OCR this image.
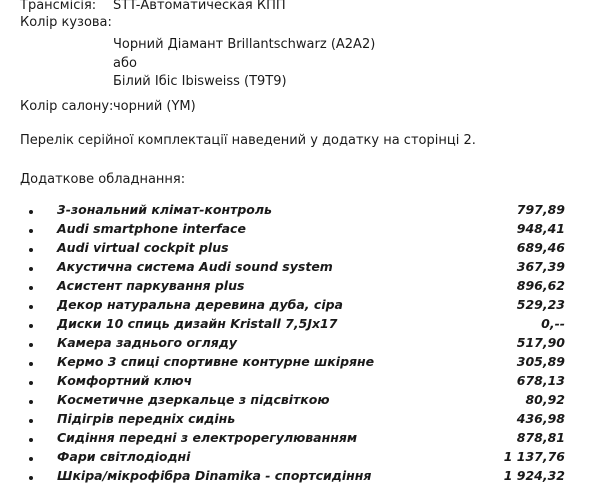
Трансмісія: STT-Автоматическая КПП
Колір кузова:
Чорний Діамант Brillantschwarz (A2A2)
або
Білий Ібіс Ibisweiss (T9T9)
Колір салону: чорний (YM)
Перелік серійної комплектації наведений у додатку на сторінці 2.
Додаткове обладнання:
3-зональний клімат-контроль	797,89
Audi smartphone interface	948,41
Audi virtual cockpit plus	689,46
Акустична система Audi sound system	367,39
Асистент паркування plus	896,62
Декор натуральна деревина дуба, сіра	529,23
Диски 10 спиць дизайн Kristall 7,5Jx17	0,--
Камера заднього огляду	517,90
Кермо 3 спиці спортивне контурне шкіряне	305,89
Комфортний ключ	678,13
Косметичне дзеркальце з підсвіткою	80,92
Підігрів передніх сидінь	436,98
Сидіння передні з електрорегулюванням	878,81
Фари світлодіодні	1 137,76
Шкіра/мікрофібра Dinamika - спортсидіння	1 924,32
